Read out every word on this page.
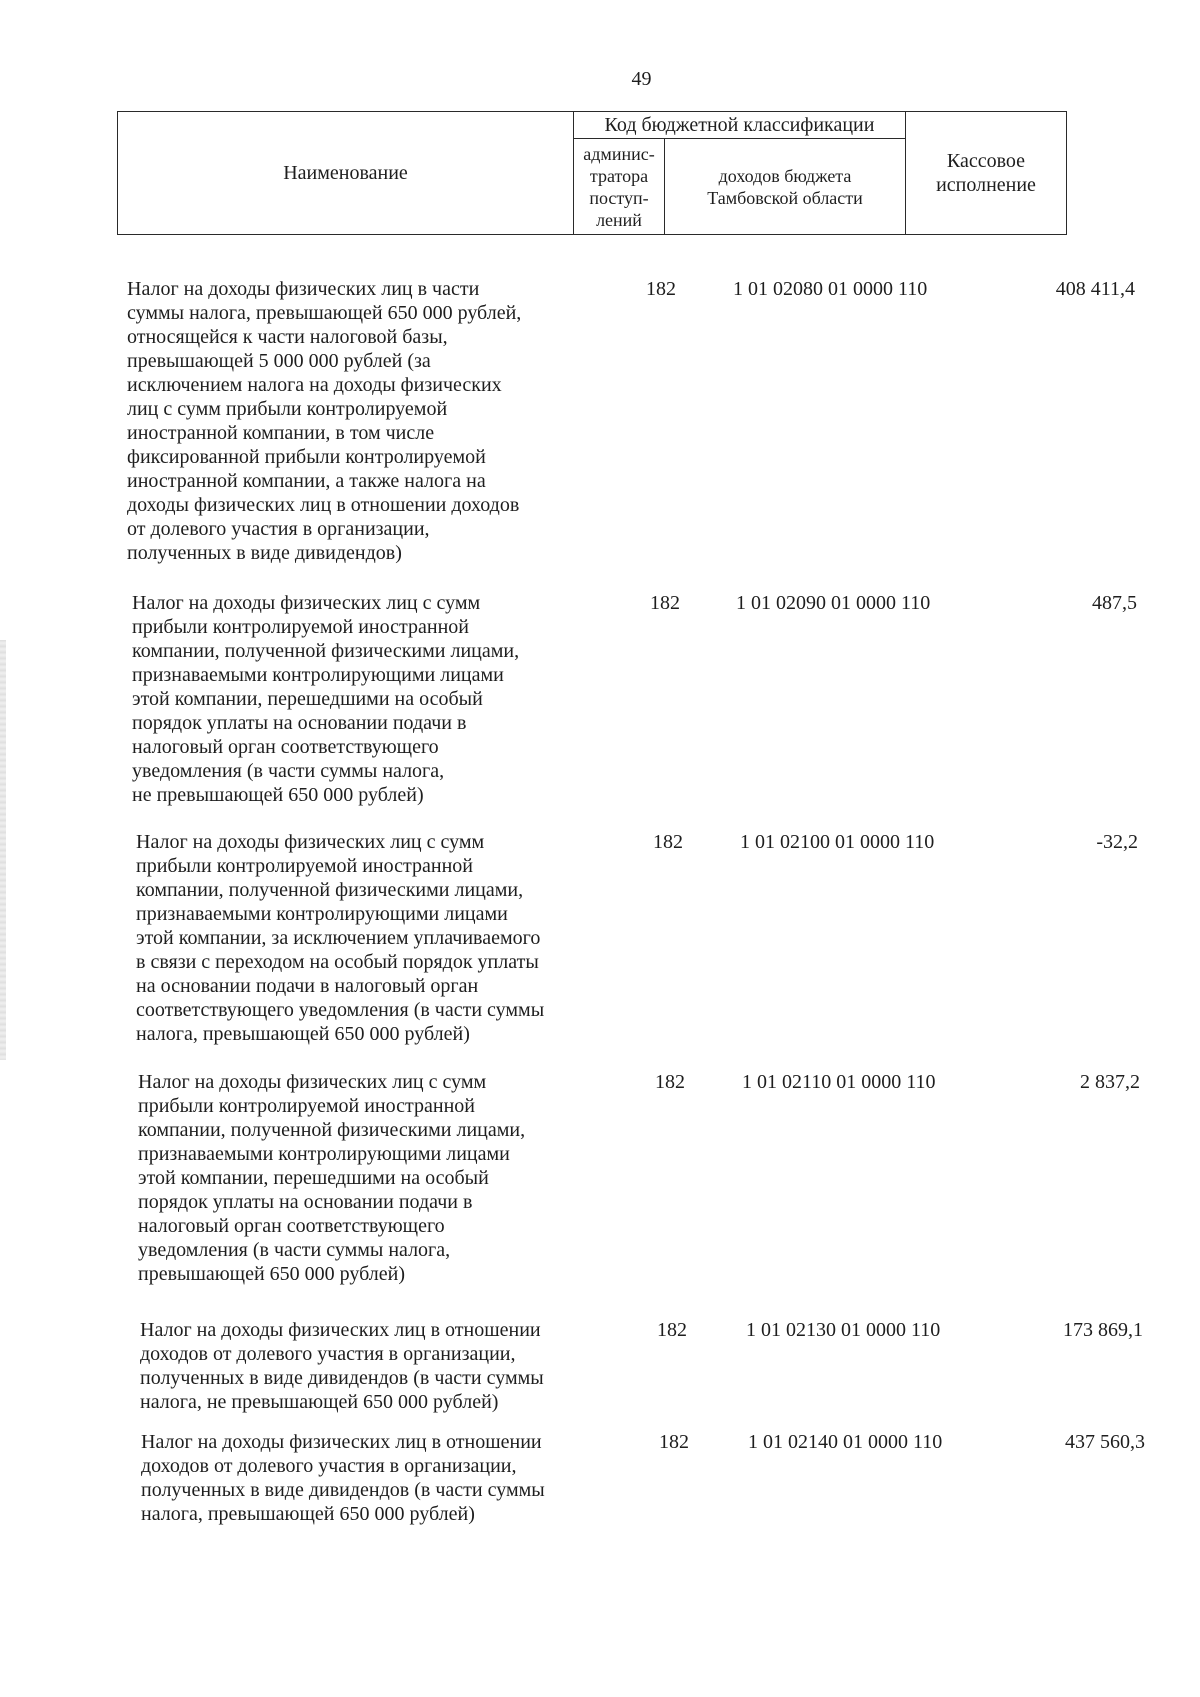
49
Наименование	Код бюджетной классификации		Кассовое
исполнение
	админис-
тратора
поступ-
лений	доходов бюджета
Тамбовской области	
Налог на доходы физических лиц в части
суммы налога, превышающей 650 000 рублей,
относящейся к части налоговой базы,
превышающей 5 000 000 рублей (за
исключением налога на доходы физических
лиц с сумм прибыли контролируемой
иностранной компании, в том числе
фиксированной прибыли контролируемой
иностранной компании, а также налога на
доходы физических лиц в отношении доходов
от долевого участия в организации,
полученных в виде дивидендов)
182	1 01 02080 01 0000 110	408 411,4
Налог на доходы физических лиц с сумм
прибыли контролируемой иностранной
компании, полученной физическими лицами,
признаваемыми контролирующими лицами
этой компании, перешедшими на особый
порядок уплаты на основании подачи в
налоговый орган соответствующего
уведомления (в части суммы налога,
не превышающей 650 000 рублей)
182	1 01 02090 01 0000 110	487,5
Налог на доходы физических лиц с сумм
прибыли контролируемой иностранной
компании, полученной физическими лицами,
признаваемыми контролирующими лицами
этой компании, за исключением уплачиваемого
в связи с переходом на особый порядок уплаты
на основании подачи в налоговый орган
соответствующего уведомления (в части суммы
налога, превышающей 650 000 рублей)
182	1 01 02100 01 0000 110	-32,2
Налог на доходы физических лиц с сумм
прибыли контролируемой иностранной
компании, полученной физическими лицами,
признаваемыми контролирующими лицами
этой компании, перешедшими на особый
порядок уплаты на основании подачи в
налоговый орган соответствующего
уведомления (в части суммы налога,
превышающей 650 000 рублей)
182	1 01 02110 01 0000 110	2 837,2
Налог на доходы физических лиц в отношении
доходов от долевого участия в организации,
полученных в виде дивидендов (в части суммы
налога, не превышающей 650 000 рублей)
182	1 01 02130 01 0000 110	173 869,1
Налог на доходы физических лиц в отношении
доходов от долевого участия в организации,
полученных в виде дивидендов (в части суммы
налога, превышающей 650 000 рублей)
182	1 01 02140 01 0000 110	437 560,3
